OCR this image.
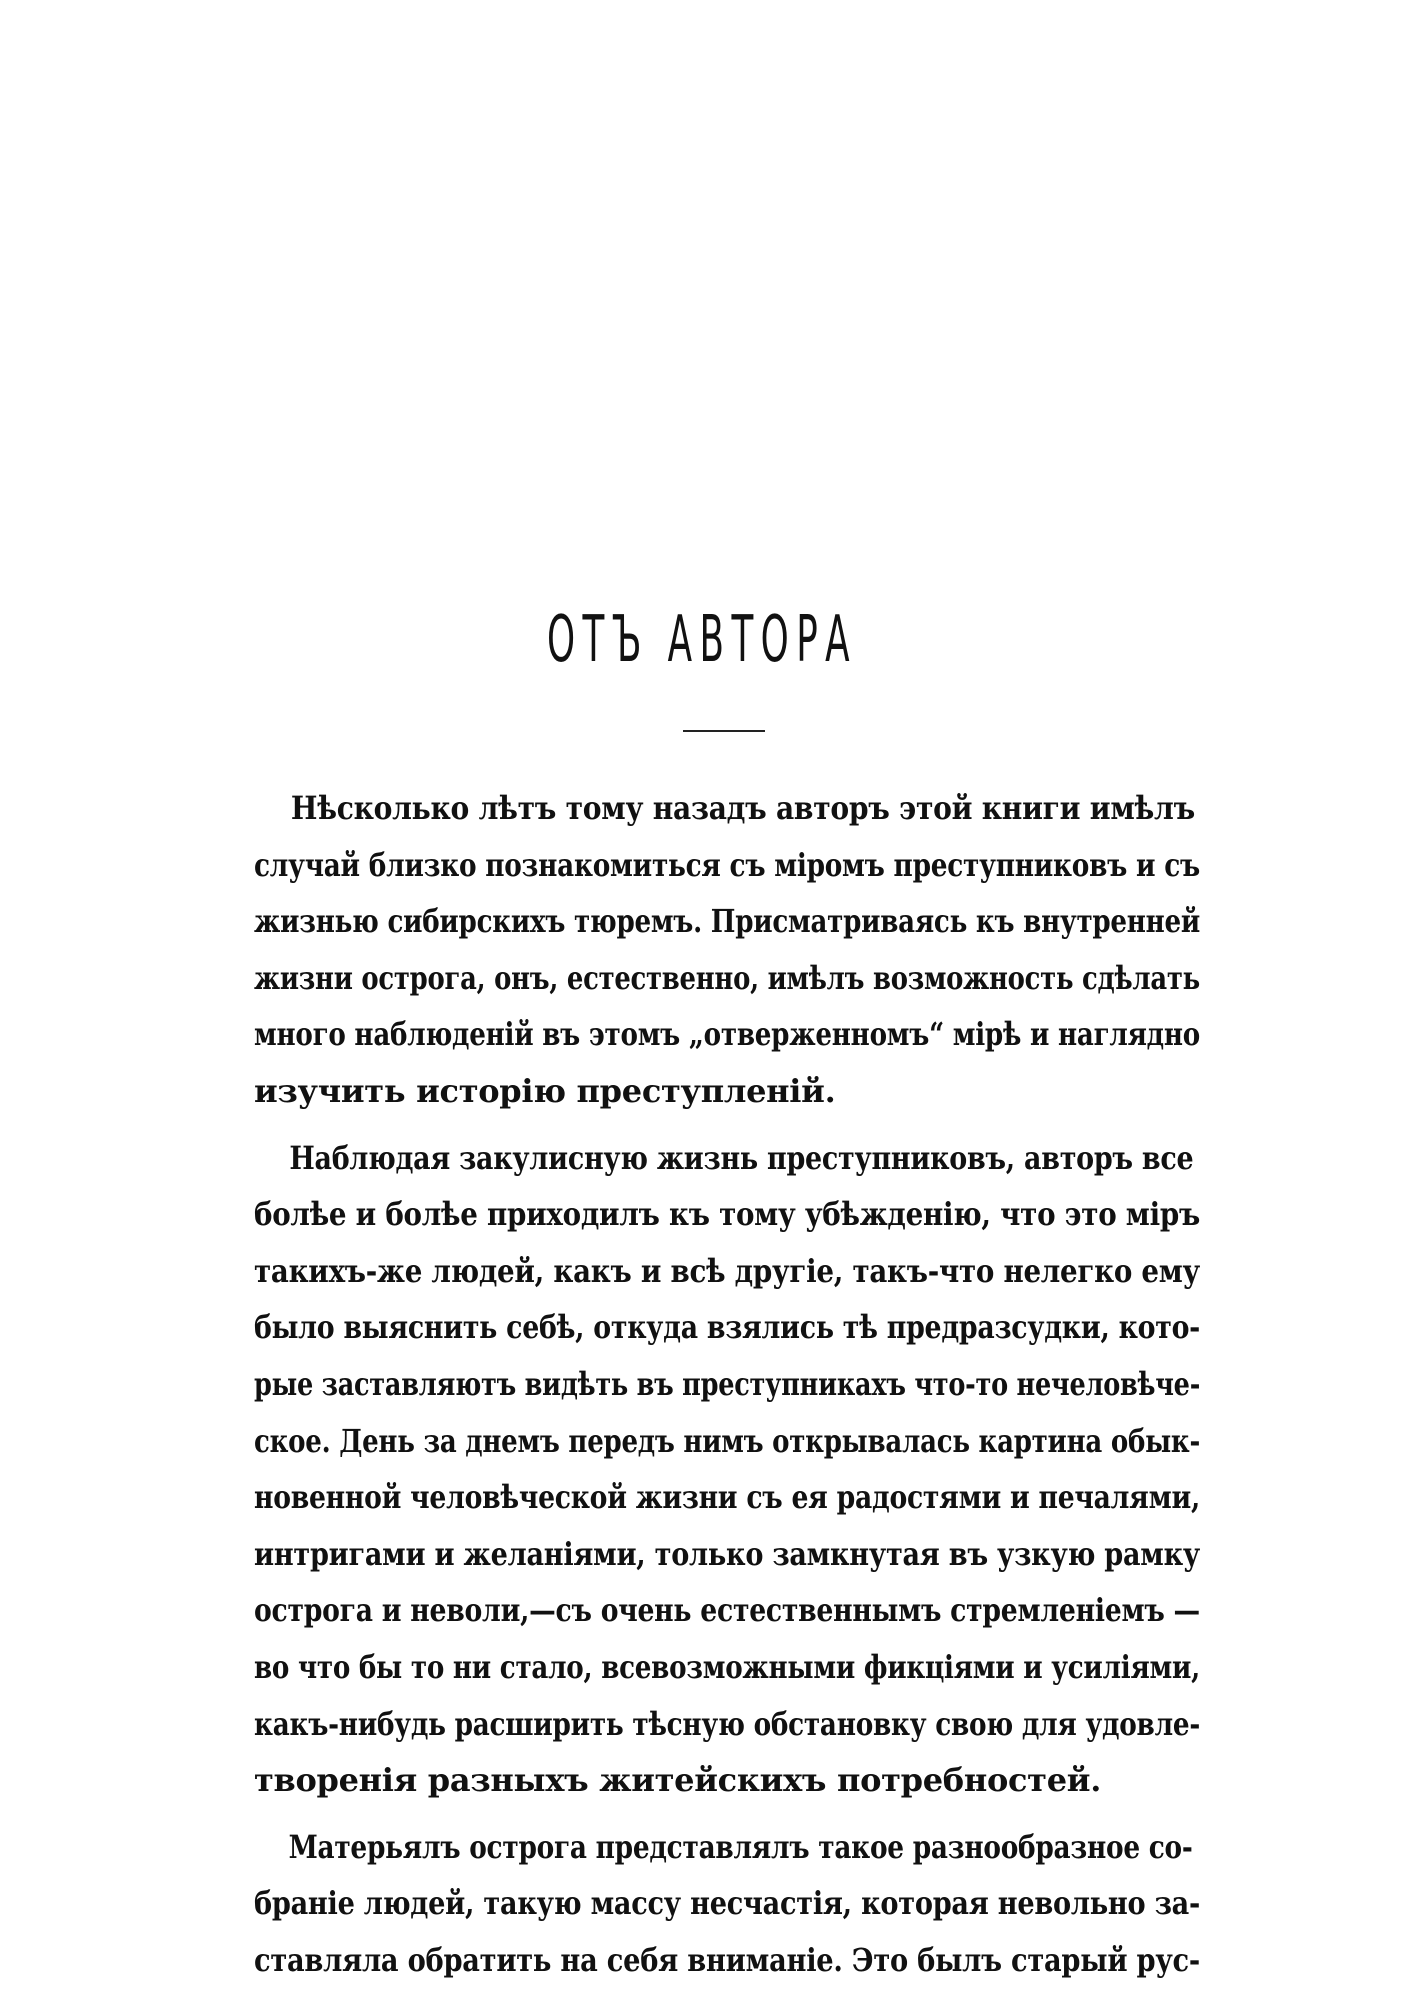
ОТЪ АВТОРА
Нѣсколько лѣтъ тому назадъ авторъ этой книги имѣлъ
случай близко познакомиться съ міромъ преступниковъ и съ
жизнью сибирскихъ тюремъ. Присматриваясь къ внутренней
жизни острога, онъ, естественно, имѣлъ возможность сдѣлать
много наблюденій въ этомъ „отверженномъ“ мірѣ и наглядно
изучить исторію преступленій.
Наблюдая закулисную жизнь преступниковъ, авторъ все
болѣе и болѣе приходилъ къ тому убѣжденію, что это міръ
такихъ-же людей, какъ и всѣ другіе, такъ-что нелегко ему
было выяснить себѣ, откуда взялись тѣ предразсудки, кото-
рые заставляютъ видѣть въ преступникахъ что-то нечеловѣче-
ское. День за днемъ передъ нимъ открывалась картина обык-
новенной человѣческой жизни съ ея радостями и печалями,
интригами и желаніями, только замкнутая въ узкую рамку
острога и неволи,—съ очень естественнымъ стремленіемъ —
во что бы то ни стало, всевозможными фикціями и усиліями,
какъ-нибудь расширить тѣсную обстановку свою для удовле-
творенія разныхъ житейскихъ потребностей.
Матерьялъ острога представлялъ такое разнообразное со-
браніе людей, такую массу несчастія, которая невольно за-
ставляла обратить на себя вниманіе. Это былъ старый рус-
